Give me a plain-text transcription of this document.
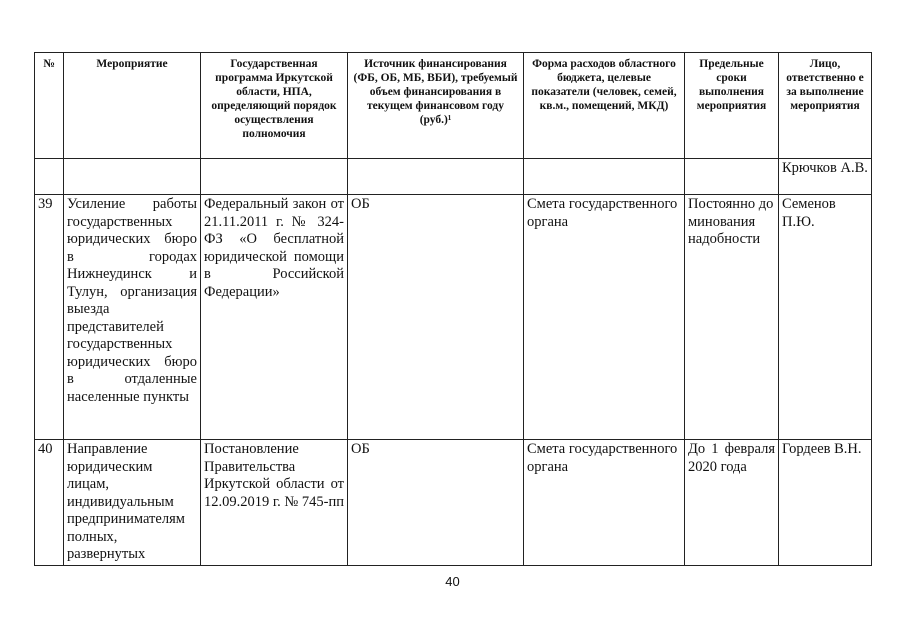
№	Мероприятие	Государственная программа Иркутской области, НПА, определяющий порядок осуществления полномочия	Источник финансирования (ФБ, ОБ, МБ, ВБИ), требуемый объем финансирования в текущем финансовом году (руб.)¹	Форма расходов областного бюджета, целевые показатели (человек, семей, кв.м., помещений, МКД)	Предельные сроки выполнения мероприятия	Лицо, ответственно е за выполнение мероприятия
						Крючков А.В.
39	Усиление работы государственных юридических бюро в городах Нижнеудинск и Тулун, организация выезда представителей государственных юридических бюро в отдаленные населенные пункты	Федеральный закон от 21.11.2011 г. № 324-ФЗ «О бесплатной юридической помощи в Российской Федерации»	ОБ	Смета государственного органа	Постоянно до минования надобности	Семенов П.Ю.
40	Направление юридическим лицам, индивидуальным предпринимателям полных, развернутых	Постановление Правительства Иркутской области от 12.09.2019 г. № 745-пп	ОБ	Смета государственного органа	До 1 февраля 2020 года	Гордеев В.Н.
40
